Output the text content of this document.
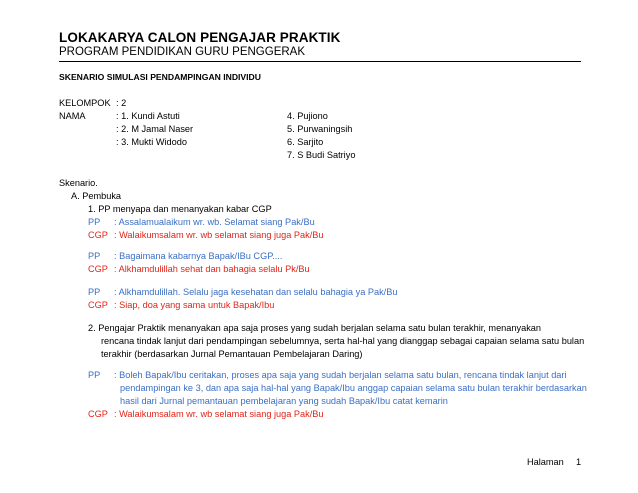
LOKAKARYA CALON PENGAJAR PRAKTIK
PROGRAM PENDIDIKAN GURU PENGGERAK
SKENARIO SIMULASI PENDAMPINGAN INDIVIDU
KELOMPOK : 2
NAMA	: 1. Kundi Astuti
: 2. M Jamal Naser
: 3. Mukti Widodo
4. Pujiono
5. Purwaningsih
6. Sarjito
7. S Budi Satriyo
Skenario.
A. Pembuka
1. PP menyapa dan menanyakan kabar CGP
PP : Assalamualaikum wr. wb. Selamat siang Pak/Bu
CGP : Walaikumsalam wr. wb selamat siang juga Pak/Bu
PP : Bagaimana kabarnya Bapak/IBu CGP....
CGP : Alkhamdulillah sehat dan bahagia selalu Pk/Bu
PP : Alkhamdulillah. Selalu jaga kesehatan dan selalu bahagia ya Pak/Bu
CGP : Siap, doa yang sama untuk Bapak/Ibu
2. Pengajar Praktik menanyakan apa saja proses yang sudah berjalan selama satu bulan terakhir, menanyakan
rencana tindak lanjut dari pendampingan sebelumnya, serta hal-hal yang dianggap sebagai capaian selama satu bulan
terakhir (berdasarkan Jurnal Pemantauan Pembelajaran Daring)
PP : Boleh Bapak/Ibu ceritakan, proses apa saja yang sudah berjalan selama satu bulan, rencana tindak lanjut dari
pendampingan ke 3, dan apa saja hal-hal yang Bapak/Ibu anggap capaian selama satu bulan terakhir berdasarkan
hasil dari Jurnal pemantauan pembelajaran yang sudah Bapak/Ibu catat kemarin
CGP : Walaikumsalam wr. wb selamat siang juga Pak/Bu
Halaman 1
